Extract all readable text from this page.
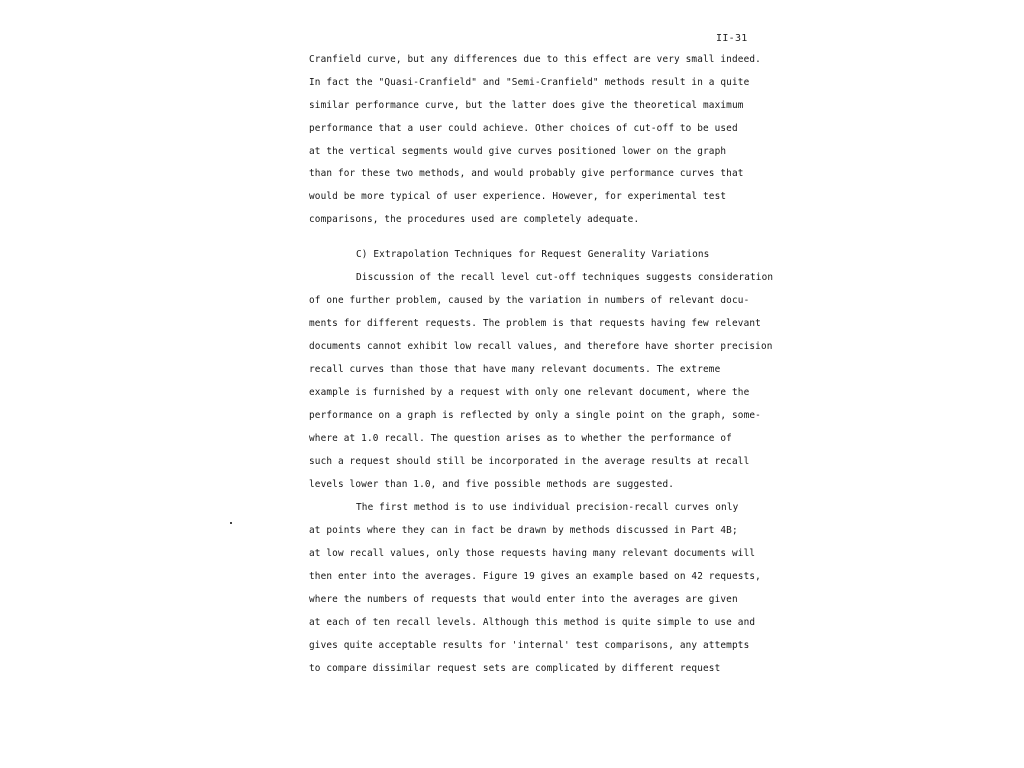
II-31
Cranfield curve, but any differences due to this effect are very small indeed.
In fact the "Quasi-Cranfield" and "Semi-Cranfield" methods result in a quite
similar performance curve, but the latter does give the theoretical maximum
performance that a user could achieve. Other choices of cut-off to be used
at the vertical segments would give curves positioned lower on the graph
than for these two methods, and would probably give performance curves that
would be more typical of user experience. However, for experimental test
comparisons, the procedures used are completely adequate.
C) Extrapolation Techniques for Request Generality Variations
Discussion of the recall level cut-off techniques suggests consideration
of one further problem, caused by the variation in numbers of relevant docu-
ments for different requests. The problem is that requests having few relevant
documents cannot exhibit low recall values, and therefore have shorter precision
recall curves than those that have many relevant documents. The extreme
example is furnished by a request with only one relevant document, where the
performance on a graph is reflected by only a single point on the graph, some-
where at 1.0 recall. The question arises as to whether the performance of
such a request should still be incorporated in the average results at recall
levels lower than 1.0, and five possible methods are suggested.
The first method is to use individual precision-recall curves only
at points where they can in fact be drawn by methods discussed in Part 4B;
at low recall values, only those requests having many relevant documents will
then enter into the averages. Figure 19 gives an example based on 42 requests,
where the numbers of requests that would enter into the averages are given
at each of ten recall levels. Although this method is quite simple to use and
gives quite acceptable results for 'internal' test comparisons, any attempts
to compare dissimilar request sets are complicated by different request
